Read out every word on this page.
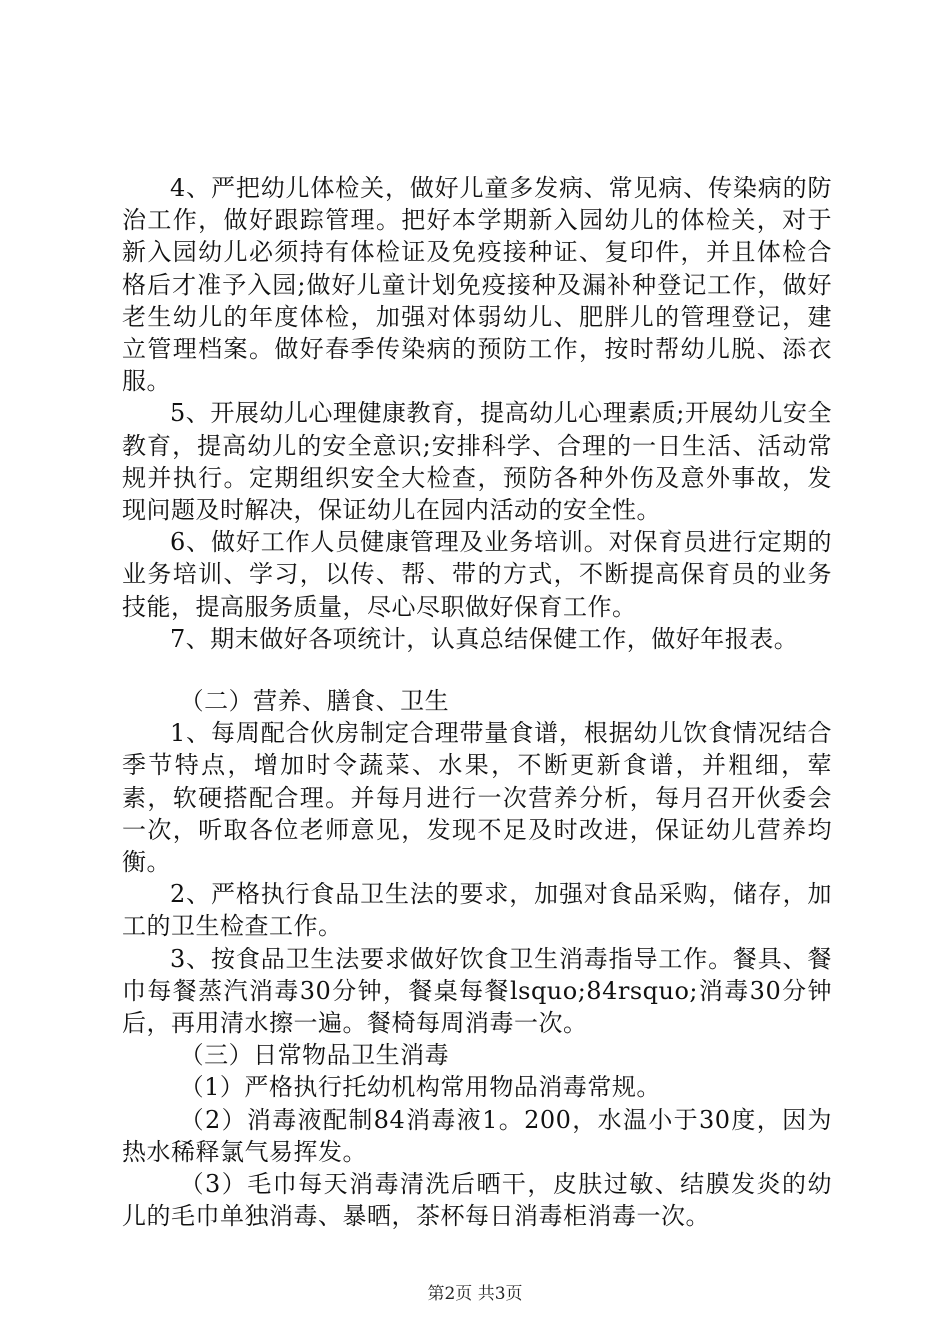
4、严把幼儿体检关，做好儿童多发病、常见病、传染病的防治工作，做好跟踪管理。把好本学期新入园幼儿的体检关，对于新入园幼儿必须持有体检证及免疫接种证、复印件，并且体检合格后才准予入园;做好儿童计划免疫接种及漏补种登记工作，做好老生幼儿的年度体检，加强对体弱幼儿、肥胖儿的管理登记，建立管理档案。做好春季传染病的预防工作，按时帮幼儿脱、添衣服。

5、开展幼儿心理健康教育，提高幼儿心理素质;开展幼儿安全教育，提高幼儿的安全意识;安排科学、合理的一日生活、活动常规并执行。定期组织安全大检查，预防各种外伤及意外事故，发现问题及时解决，保证幼儿在园内活动的安全性。

6、做好工作人员健康管理及业务培训。对保育员进行定期的业务培训、学习，以传、帮、带的方式，不断提高保育员的业务技能，提高服务质量，尽心尽职做好保育工作。

7、期末做好各项统计，认真总结保健工作，做好年报表。

（二）营养、膳食、卫生

1、每周配合伙房制定合理带量食谱，根据幼儿饮食情况结合季节特点，增加时令蔬菜、水果，不断更新食谱，并粗细，荤素，软硬搭配合理。并每月进行一次营养分析，每月召开伙委会一次，听取各位老师意见，发现不足及时改进，保证幼儿营养均衡。

2、严格执行食品卫生法的要求，加强对食品采购，储存，加工的卫生检查工作。

3、按食品卫生法要求做好饮食卫生消毒指导工作。餐具、餐巾每餐蒸汽消毒30分钟，餐桌每餐lsquo;84rsquo;消毒30分钟后，再用清水擦一遍。餐椅每周消毒一次。

（三）日常物品卫生消毒

（1）严格执行托幼机构常用物品消毒常规。

（2）消毒液配制84消毒液1。200，水温小于30度，因为热水稀释氯气易挥发。

（3）毛巾每天消毒清洗后晒干，皮肤过敏、结膜发炎的幼儿的毛巾单独消毒、暴晒，茶杯每日消毒柜消毒一次。

第2页 共3页
